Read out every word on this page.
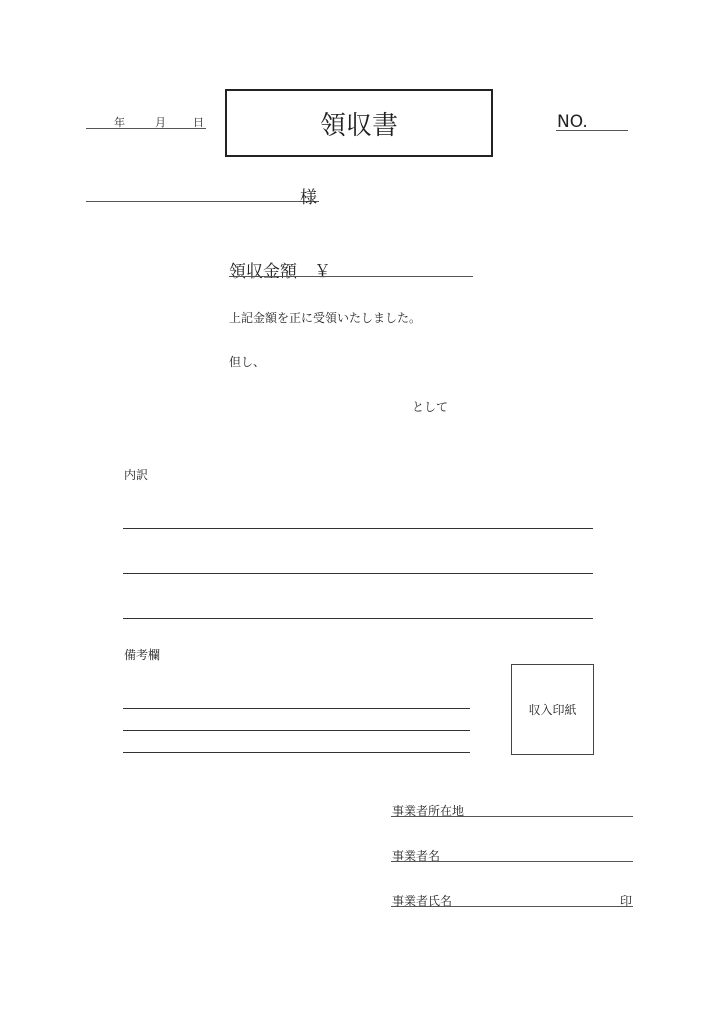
年	月 日	領収書	NO.
様
領収金額　￥
上記金額を正に受領いたしました。
但し、
として
内訳
備考欄
収入印紙
事業者所在地
事業者名
事業者氏名	印
